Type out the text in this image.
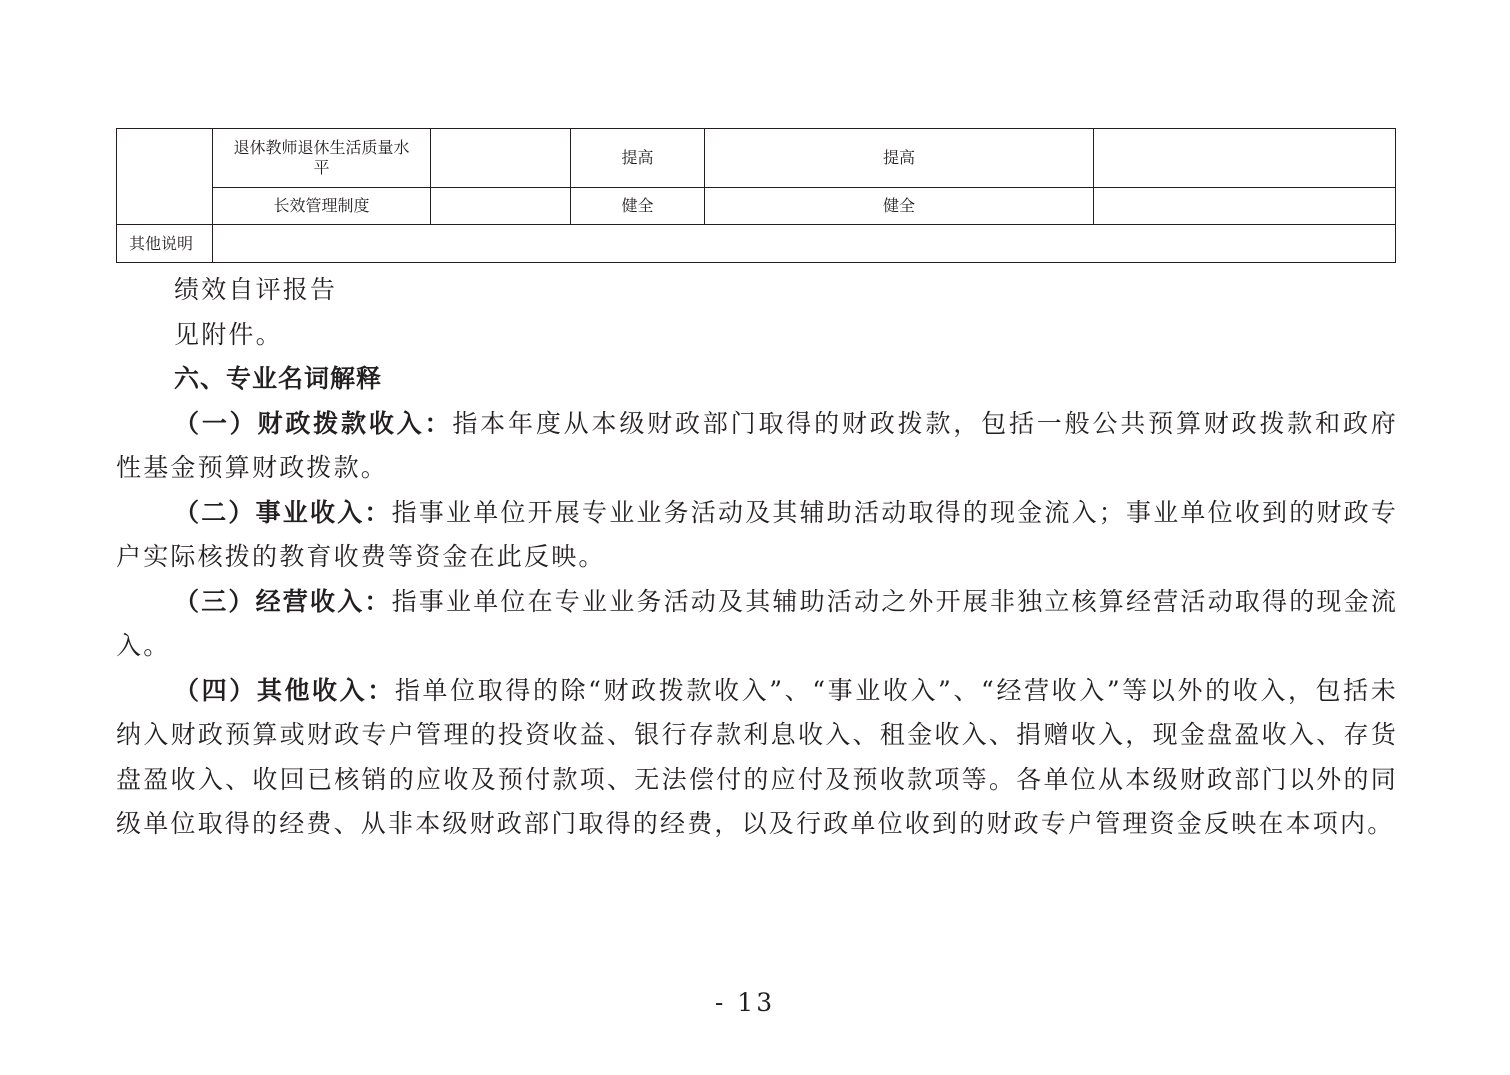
	退休教师退休生活质量水平		提高	提高	
	长效管理制度		健全	健全	
其他说明					

绩效自评报告

见附件。

六、专业名词解释

（一）财政拨款收入：指本年度从本级财政部门取得的财政拨款，包括一般公共预算财政拨款和政府性基金预算财政拨款。

（二）事业收入：指事业单位开展专业业务活动及其辅助活动取得的现金流入；事业单位收到的财政专户实际核拨的教育收费等资金在此反映。

（三）经营收入：指事业单位在专业业务活动及其辅助活动之外开展非独立核算经营活动取得的现金流入。

（四）其他收入：指单位取得的除“财政拨款收入”、“事业收入”、“经营收入”等以外的收入，包括未纳入财政预算或财政专户管理的投资收益、银行存款利息收入、租金收入、捐赠收入，现金盘盈收入、存货盘盈收入、收回已核销的应收及预付款项、无法偿付的应付及预收款项等。各单位从本级财政部门以外的同级单位取得的经费、从非本级财政部门取得的经费，以及行政单位收到的财政专户管理资金反映在本项内。

- 13
